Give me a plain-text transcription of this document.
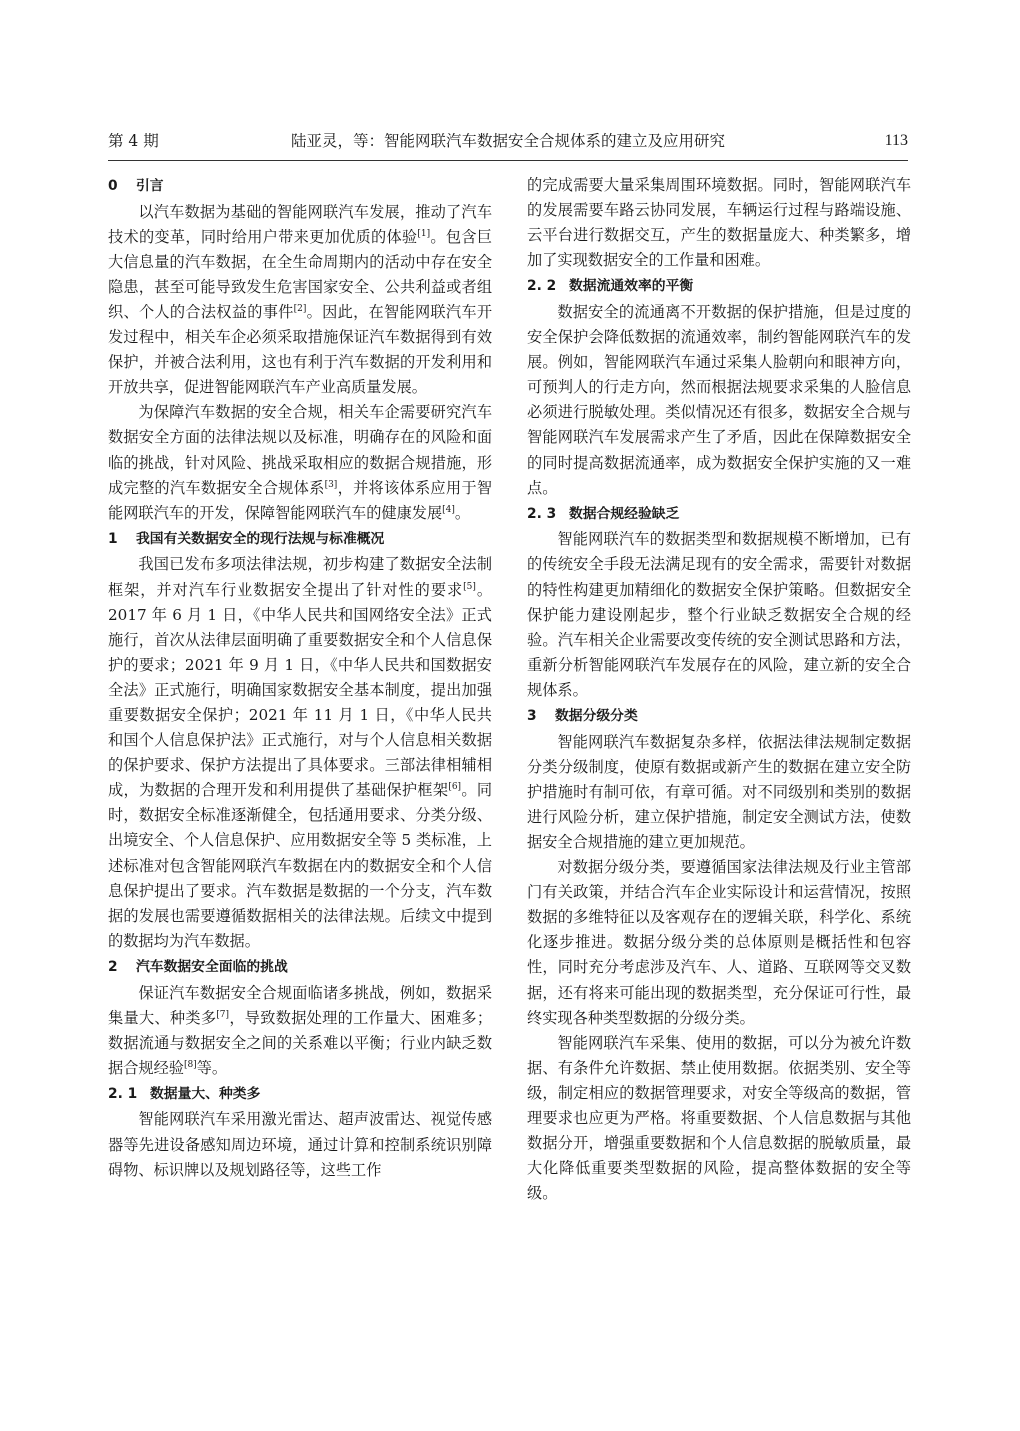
第 4 期	陆亚灵，等：智能网联汽车数据安全合规体系的建立及应用研究	113
0 引言

以汽车数据为基础的智能网联汽车发展，推动了汽车技术的变革，同时给用户带来更加优质的体验[1]。包含巨大信息量的汽车数据，在全生命周期内的活动中存在安全隐患，甚至可能导致发生危害国家安全、公共利益或者组织、个人的合法权益的事件[2]。因此，在智能网联汽车开发过程中，相关车企必须采取措施保证汽车数据得到有效保护，并被合法利用，这也有利于汽车数据的开发利用和开放共享，促进智能网联汽车产业高质量发展。

为保障汽车数据的安全合规，相关车企需要研究汽车数据安全方面的法律法规以及标准，明确存在的风险和面临的挑战，针对风险、挑战采取相应的数据合规措施，形成完整的汽车数据安全合规体系[3]，并将该体系应用于智能网联汽车的开发，保障智能网联汽车的健康发展[4]。

1 我国有关数据安全的现行法规与标准概况

我国已发布多项法律法规，初步构建了数据安全法制框架，并对汽车行业数据安全提出了针对性的要求[5]。2017 年 6 月 1 日，《中华人民共和国网络安全法》正式施行，首次从法律层面明确了重要数据安全和个人信息保护的要求；2021 年 9 月 1 日，《中华人民共和国数据安全法》正式施行，明确国家数据安全基本制度，提出加强重要数据安全保护；2021 年 11 月 1 日，《中华人民共和国个人信息保护法》正式施行，对与个人信息相关数据的保护要求、保护方法提出了具体要求。三部法律相辅相成，为数据的合理开发和利用提供了基础保护框架[6]。同时，数据安全标准逐渐健全，包括通用要求、分类分级、出境安全、个人信息保护、应用数据安全等 5 类标准，上述标准对包含智能网联汽车数据在内的数据安全和个人信息保护提出了要求。汽车数据是数据的一个分支，汽车数据的发展也需要遵循数据相关的法律法规。后续文中提到的数据均为汽车数据。

2 汽车数据安全面临的挑战

保证汽车数据安全合规面临诸多挑战，例如，数据采集量大、种类多[7]，导致数据处理的工作量大、困难多；数据流通与数据安全之间的关系难以平衡；行业内缺乏数据合规经验[8]等。

2. 1 数据量大、种类多

智能网联汽车采用激光雷达、超声波雷达、视觉传感器等先进设备感知周边环境，通过计算和控制系统识别障碍物、标识牌以及规划路径等，这些工作

的完成需要大量采集周围环境数据。同时，智能网联汽车的发展需要车路云协同发展，车辆运行过程与路端设施、云平台进行数据交互，产生的数据量庞大、种类繁多，增加了实现数据安全的工作量和困难。

2. 2 数据流通效率的平衡

数据安全的流通离不开数据的保护措施，但是过度的安全保护会降低数据的流通效率，制约智能网联汽车的发展。例如，智能网联汽车通过采集人脸朝向和眼神方向，可预判人的行走方向，然而根据法规要求采集的人脸信息必须进行脱敏处理。类似情况还有很多，数据安全合规与智能网联汽车发展需求产生了矛盾，因此在保障数据安全的同时提高数据流通率，成为数据安全保护实施的又一难点。

2. 3 数据合规经验缺乏

智能网联汽车的数据类型和数据规模不断增加，已有的传统安全手段无法满足现有的安全需求，需要针对数据的特性构建更加精细化的数据安全保护策略。但数据安全保护能力建设刚起步，整个行业缺乏数据安全合规的经验。汽车相关企业需要改变传统的安全测试思路和方法，重新分析智能网联汽车发展存在的风险，建立新的安全合规体系。

3 数据分级分类

智能网联汽车数据复杂多样，依据法律法规制定数据分类分级制度，使原有数据或新产生的数据在建立安全防护措施时有制可依，有章可循。对不同级别和类别的数据进行风险分析，建立保护措施，制定安全测试方法，使数据安全合规措施的建立更加规范。

对数据分级分类，要遵循国家法律法规及行业主管部门有关政策，并结合汽车企业实际设计和运营情况，按照数据的多维特征以及客观存在的逻辑关联，科学化、系统化逐步推进。数据分级分类的总体原则是概括性和包容性，同时充分考虑涉及汽车、人、道路、互联网等交叉数据，还有将来可能出现的数据类型，充分保证可行性，最终实现各种类型数据的分级分类。

智能网联汽车采集、使用的数据，可以分为被允许数据、有条件允许数据、禁止使用数据。依据类别、安全等级，制定相应的数据管理要求，对安全等级高的数据，管理要求也应更为严格。将重要数据、个人信息数据与其他数据分开，增强重要数据和个人信息数据的脱敏质量，最大化降低重要类型数据的风险，提高整体数据的安全等级。
